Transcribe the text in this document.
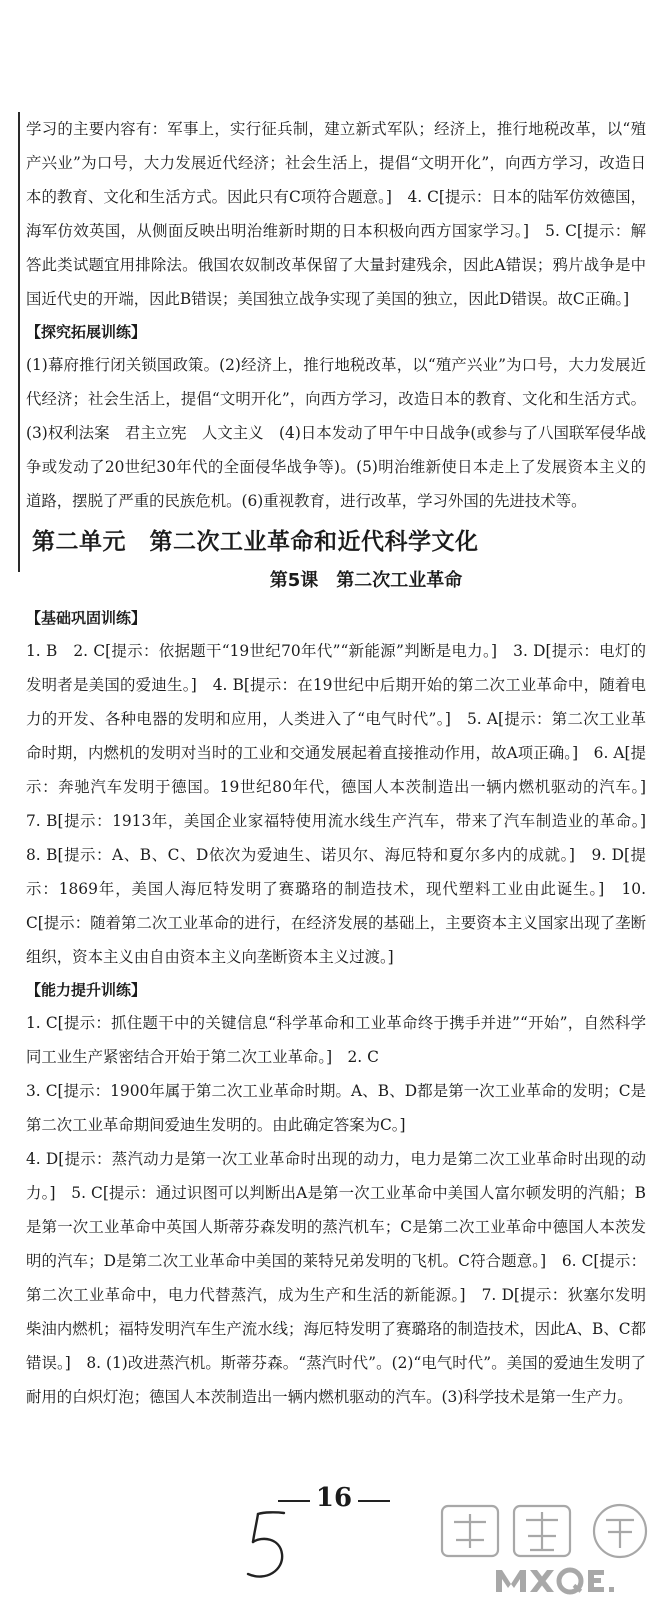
学习的主要内容有：军事上，实行征兵制，建立新式军队；经济上，推行地税改革，以“殖产兴业”为口号，大力发展近代经济；社会生活上，提倡“文明开化”，向西方学习，改造日本的教育、文化和生活方式。因此只有C项符合题意。]　4. C[提示：日本的陆军仿效德国，海军仿效英国，从侧面反映出明治维新时期的日本积极向西方国家学习。]　5. C[提示：解答此类试题宜用排除法。俄国农奴制改革保留了大量封建残余，因此A错误；鸦片战争是中国近代史的开端，因此B错误；美国独立战争实现了美国的独立，因此D错误。故C正确。]

【探究拓展训练】

(1)幕府推行闭关锁国政策。(2)经济上，推行地税改革，以“殖产兴业”为口号，大力发展近代经济；社会生活上，提倡“文明开化”，向西方学习，改造日本的教育、文化和生活方式。(3)权利法案　君主立宪　人文主义　(4)日本发动了甲午中日战争(或参与了八国联军侵华战争或发动了20世纪30年代的全面侵华战争等)。(5)明治维新使日本走上了发展资本主义的道路，摆脱了严重的民族危机。(6)重视教育，进行改革，学习外国的先进技术等。

第二单元　第二次工业革命和近代科学文化

第5课　第二次工业革命

【基础巩固训练】

1. B　2. C[提示：依据题干“19世纪70年代”“新能源”判断是电力。]　3. D[提示：电灯的发明者是美国的爱迪生。]　4. B[提示：在19世纪中后期开始的第二次工业革命中，随着电力的开发、各种电器的发明和应用，人类进入了“电气时代”。]　5. A[提示：第二次工业革命时期，内燃机的发明对当时的工业和交通发展起着直接推动作用，故A项正确。]　6. A[提示：奔驰汽车发明于德国。19世纪80年代，德国人本茨制造出一辆内燃机驱动的汽车。]　7. B[提示：1913年，美国企业家福特使用流水线生产汽车，带来了汽车制造业的革命。]　8. B[提示：A、B、C、D依次为爱迪生、诺贝尔、海厄特和夏尔多内的成就。]　9. D[提示：1869年，美国人海厄特发明了赛璐珞的制造技术，现代塑料工业由此诞生。]　10. C[提示：随着第二次工业革命的进行，在经济发展的基础上，主要资本主义国家出现了垄断组织，资本主义由自由资本主义向垄断资本主义过渡。]

【能力提升训练】

1. C[提示：抓住题干中的关键信息“科学革命和工业革命终于携手并进”“开始”，自然科学同工业生产紧密结合开始于第二次工业革命。]　2. C

3. C[提示：1900年属于第二次工业革命时期。A、B、D都是第一次工业革命的发明；C是第二次工业革命期间爱迪生发明的。由此确定答案为C。]

4. D[提示：蒸汽动力是第一次工业革命时出现的动力，电力是第二次工业革命时出现的动力。]　5. C[提示：通过识图可以判断出A是第一次工业革命中美国人富尔顿发明的汽船；B是第一次工业革命中英国人斯蒂芬森发明的蒸汽机车；C是第二次工业革命中德国人本茨发明的汽车；D是第二次工业革命中美国的莱特兄弟发明的飞机。C符合题意。]　6. C[提示：第二次工业革命中，电力代替蒸汽，成为生产和生活的新能源。]　7. D[提示：狄塞尔发明柴油内燃机；福特发明汽车生产流水线；海厄特发明了赛璐珞的制造技术，因此A、B、C都错误。]　8. (1)改进蒸汽机。斯蒂芬森。“蒸汽时代”。(2)“电气时代”。美国的爱迪生发明了耐用的白炽灯泡；德国人本茨制造出一辆内燃机驱动的汽车。(3)科学技术是第一生产力。

16
